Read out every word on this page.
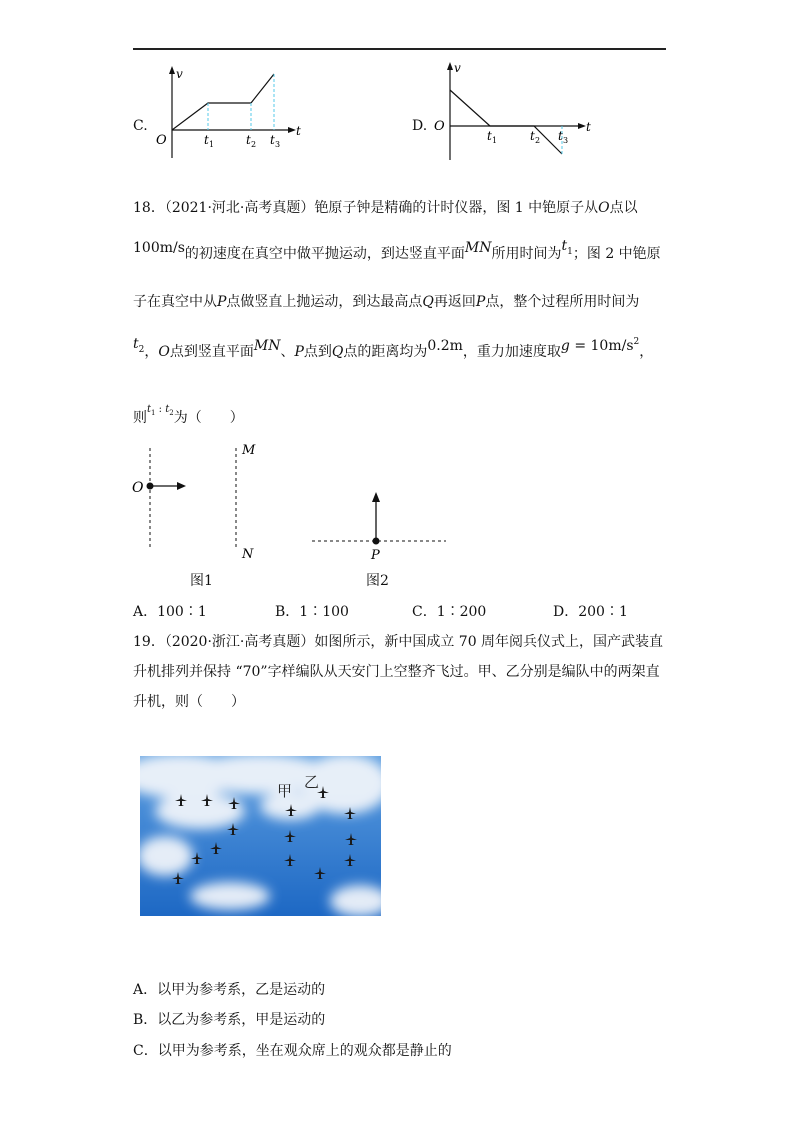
C.
v
t
O	t 1	t 2 t 3
D.
v
t
O
t 1	t 2 t 3
18．（2021·河北·高考真题）铯原子钟是精确的计时仪器，图 1 中铯原子从O点以
100m/s的初速度在真空中做平抛运动，到达竖直平面MN所用时间为$t^1$；图 2 中铯原
子在真空中从P点做竖直上抛运动，到达最高点Q再返回P点，整个过程所用时间为
$t^2$，O点到竖直平面MN、P点到Q点的距离均为0.2m，重力加速度取$g = 10m/s^2$，
则$^{t1}$ : $^{t2}$为（　　）
O
M
N
图1
P
图2
A．100∶1	B．1∶100	C．1∶200	D．200∶1
19．（2020·浙江·高考真题）如图所示，新中国成立 70 周年阅兵仪式上，国产武装直
升机排列并保持 “70”字样编队从天安门上空整齐飞过。甲、乙分别是编队中的两架直
升机，则（　　）
甲 乙
A．以甲为参考系，乙是运动的
B．以乙为参考系，甲是运动的
C．以甲为参考系，坐在观众席上的观众都是静止的
